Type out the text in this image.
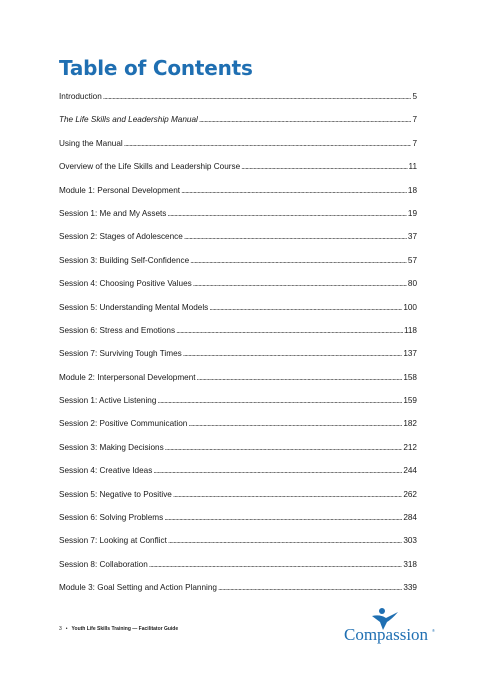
Table of Contents
Introduction . . .	5
The Life Skills and Leadership Manual . . .	7
Using the Manual . . .	7
Overview of the Life Skills and Leadership Course . . .	11
Module 1: Personal Development . . .	18
Session 1: Me and My Assets . . .	19
Session 2: Stages of Adolescence . . .	37
Session 3: Building Self-Confidence . . .	57
Session 4: Choosing Positive Values . . .	80
Session 5: Understanding Mental Models . . .	100
Session 6: Stress and Emotions . . .	118
Session 7: Surviving Tough Times . . .	137
Module 2: Interpersonal Development . . .	158
Session 1: Active Listening . . .	159
Session 2: Positive Communication . . .	182
Session 3: Making Decisions . . .	212
Session 4: Creative Ideas . . .	244
Session 5: Negative to Positive . . .	262
Session 6: Solving Problems . . .	284
Session 7: Looking at Conflict . . .	303
Session 8: Collaboration . . .	318
Module 3: Goal Setting and Action Planning . . .	339
3 • Youth Life Skills Training — Facilitator Guide	Compassion ®
